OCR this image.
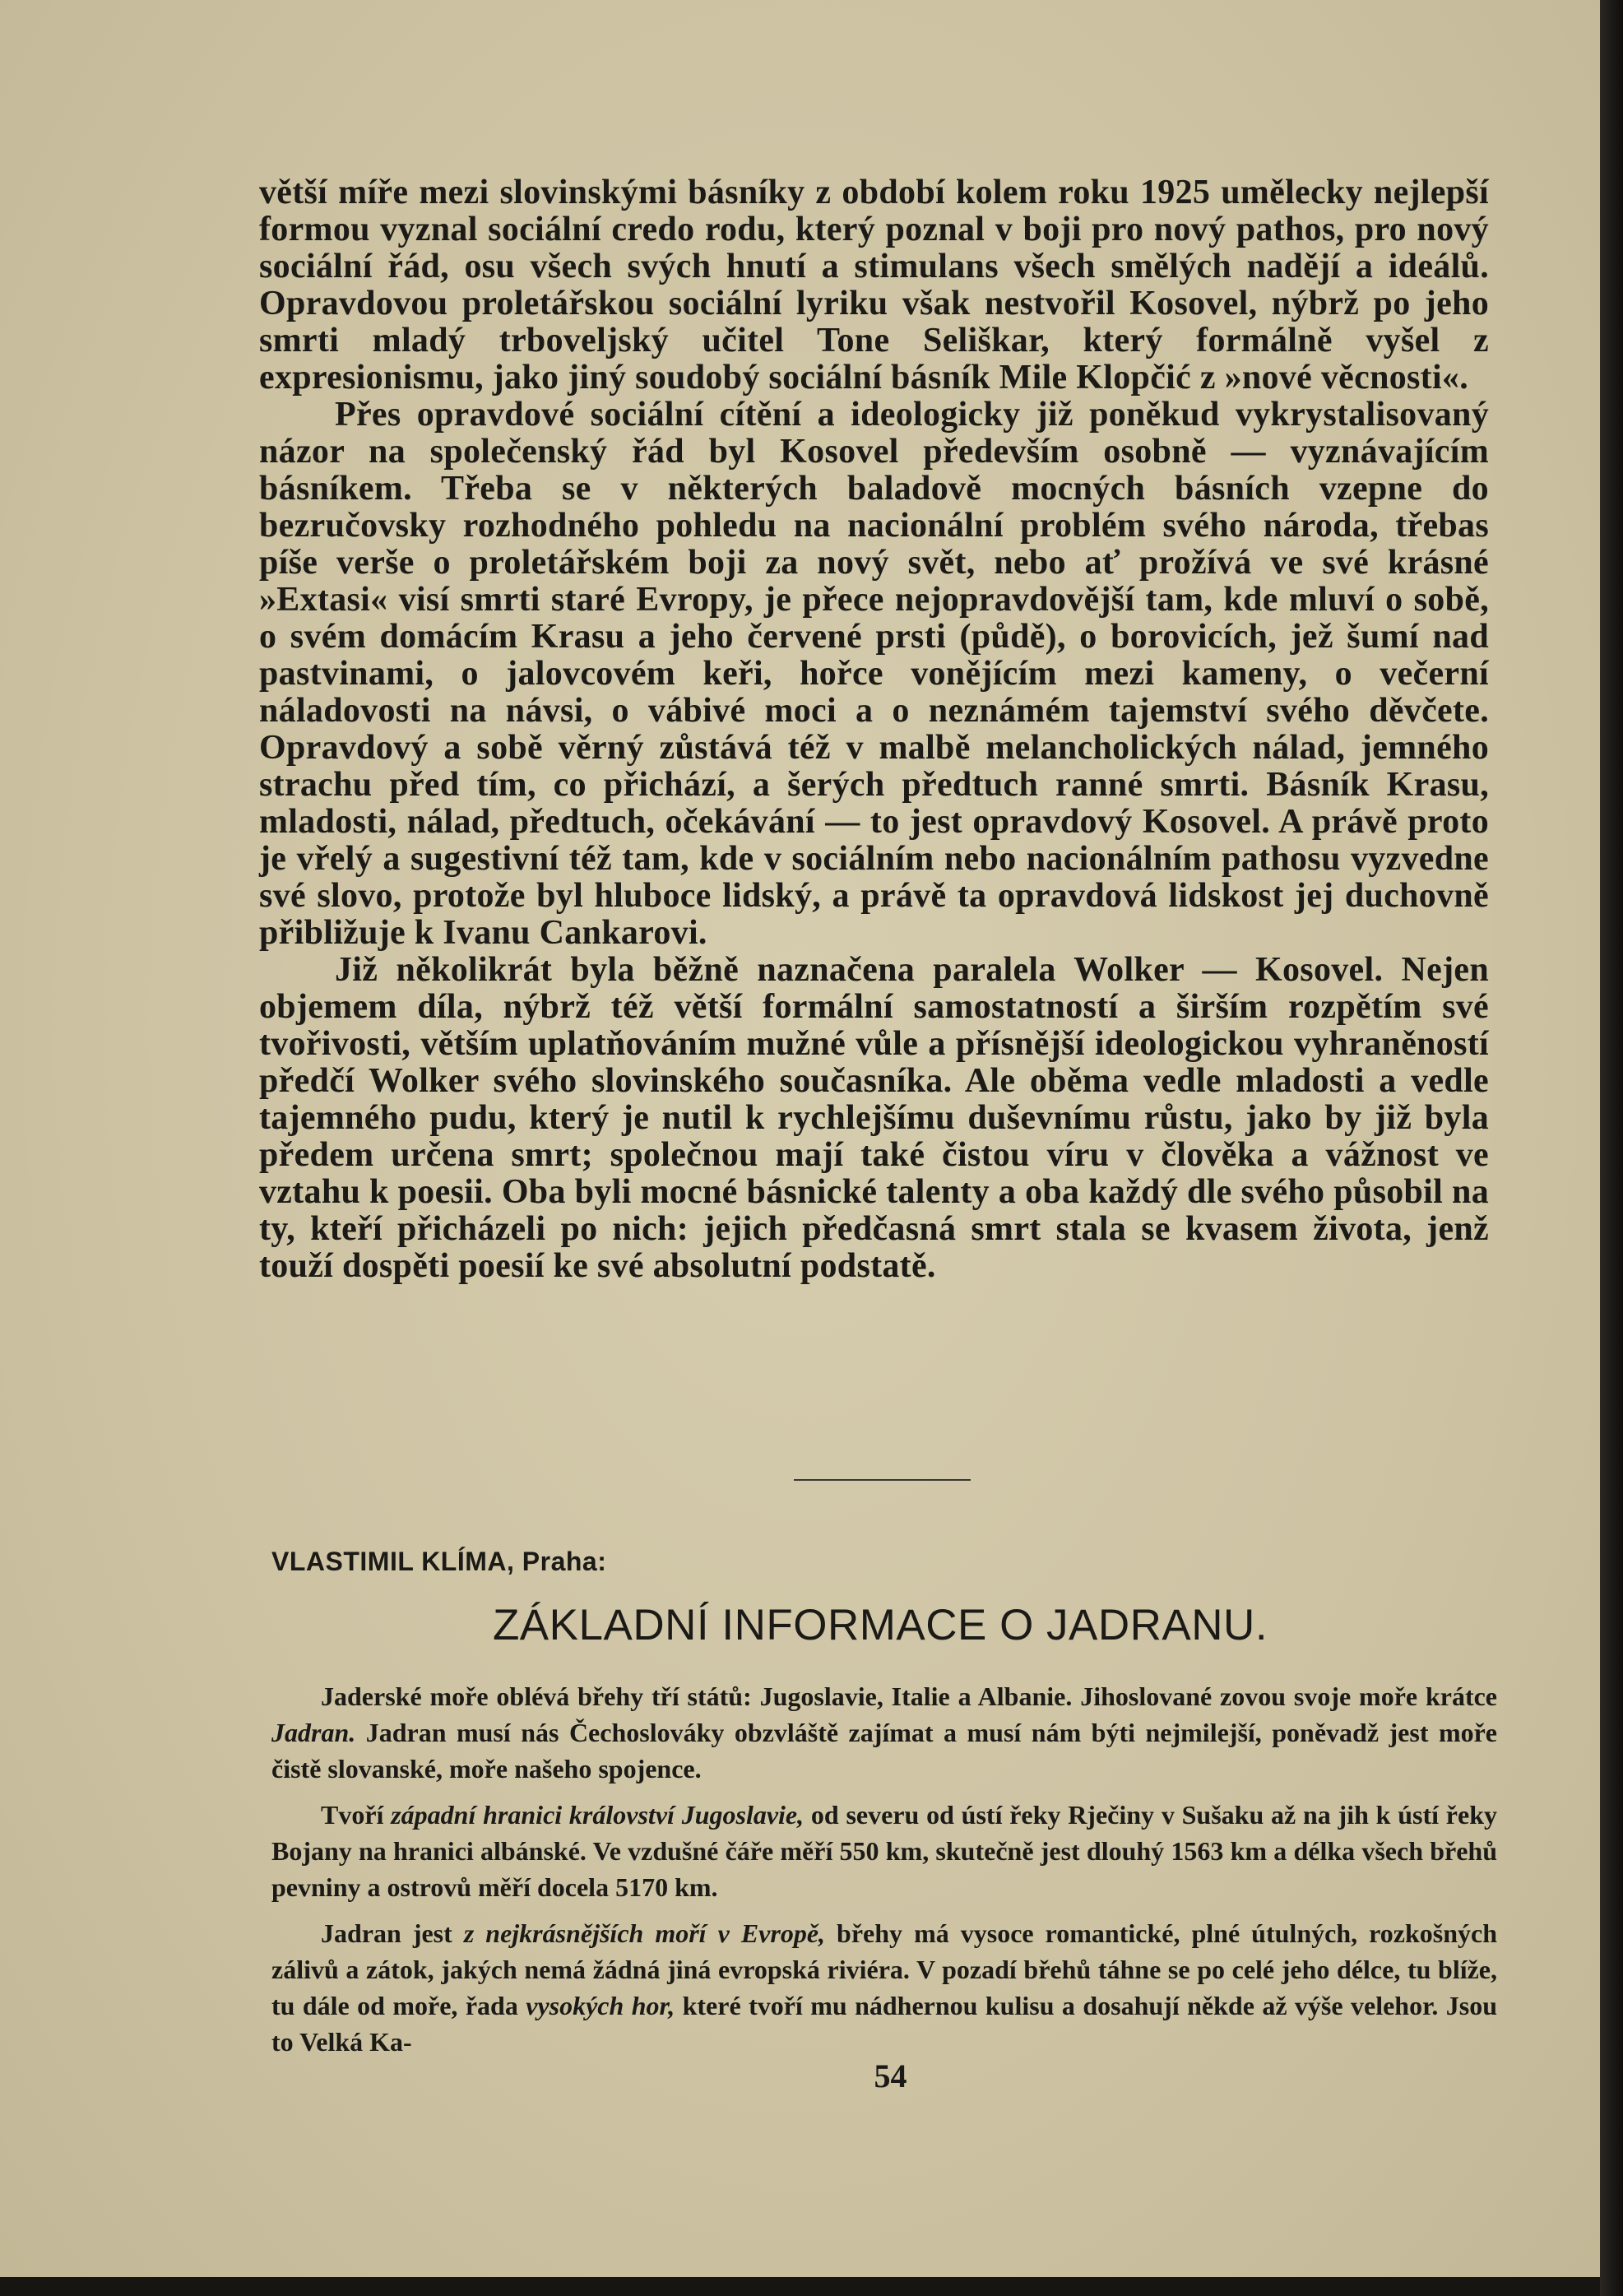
větší míře mezi slovinskými básníky z období kolem roku 1925 umělecky nejlepší formou vyznal sociální credo rodu, který poznal v boji pro nový pathos, pro nový sociální řád, osu všech svých hnutí a stimulans všech smělých nadějí a ideálů. Opravdovou proletářskou sociální lyriku však nestvořil Kosovel, nýbrž po jeho smrti mladý trboveljský učitel Tone Seliškar, který formálně vyšel z expresionismu, jako jiný soudobý sociální básník Mile Klopčić z »nové věcnosti«.

Přes opravdové sociální cítění a ideologicky již poněkud vykrystalisovaný názor na společenský řád byl Kosovel především osobně — vyznávajícím básníkem. Třeba se v některých baladově mocných básních vzepne do bezručovsky rozhodného pohledu na nacionální problém svého národa, třebas píše verše o proletářském boji za nový svět, nebo ať prožívá ve své krásné »Extasi« visí smrti staré Evropy, je přece nejopravdovější tam, kde mluví o sobě, o svém domácím Krasu a jeho červené prsti (půdě), o borovicích, jež šumí nad pastvinami, o jalovcovém keři, hořce vonějícím mezi kameny, o večerní náladovosti na návsi, o vábivé moci a o neznámém tajemství svého děvčete. Opravdový a sobě věrný zůstává též v malbě melancholických nálad, jemného strachu před tím, co přichází, a šerých předtuch ranné smrti. Básník Krasu, mladosti, nálad, předtuch, očekávání — to jest opravdový Kosovel. A právě proto je vřelý a sugestivní též tam, kde v sociálním nebo nacionálním pathosu vyzvedne své slovo, protože byl hluboce lidský, a právě ta opravdová lidskost jej duchovně přibližuje k Ivanu Cankarovi.

Již několikrát byla běžně naznačena paralela Wolker — Kosovel. Nejen objemem díla, nýbrž též větší formální samostatností a širším rozpětím své tvořivosti, větším uplatňováním mužné vůle a přísnější ideologickou vyhraněností předčí Wolker svého slovinského současníka. Ale oběma vedle mladosti a vedle tajemného pudu, který je nutil k rychlejšímu duševnímu růstu, jako by již byla předem určena smrt; společnou mají také čistou víru v člověka a vážnost ve vztahu k poesii. Oba byli mocné básnické talenty a oba každý dle svého působil na ty, kteří přicházeli po nich: jejich předčasná smrt stala se kvasem života, jenž touží dospěti poesií ke své absolutní podstatě.

VLASTIMIL KLÍMA, Praha:
ZÁKLADNÍ INFORMACE O JADRANU.

Jaderské moře oblévá břehy tří států: Jugoslavie, Italie a Albanie. Jihoslované zovou svoje moře krátce Jadran. Jadran musí nás Čechoslováky obzvláště zajímat a musí nám býti nejmilejší, poněvadž jest moře čistě slovanské, moře našeho spojence.

Tvoří západní hranici království Jugoslavie, od severu od ústí řeky Rječiny v Sušaku až na jih k ústí řeky Bojany na hranici albánské. Ve vzdušné čáře měří 550 km, skutečně jest dlouhý 1563 km a délka všech břehů pevniny a ostrovů měří docela 5170 km.

Jadran jest z nejkrásnějších moří v Evropě, břehy má vysoce romantické, plné útulných, rozkošných zálivů a zátok, jakých nemá žádná jiná evropská riviéra. V pozadí břehů táhne se po celé jeho délce, tu blíže, tu dále od moře, řada vysokých hor, které tvoří mu nádhernou kulisu a dosahují někde až výše velehor. Jsou to Velká Ka-

54
